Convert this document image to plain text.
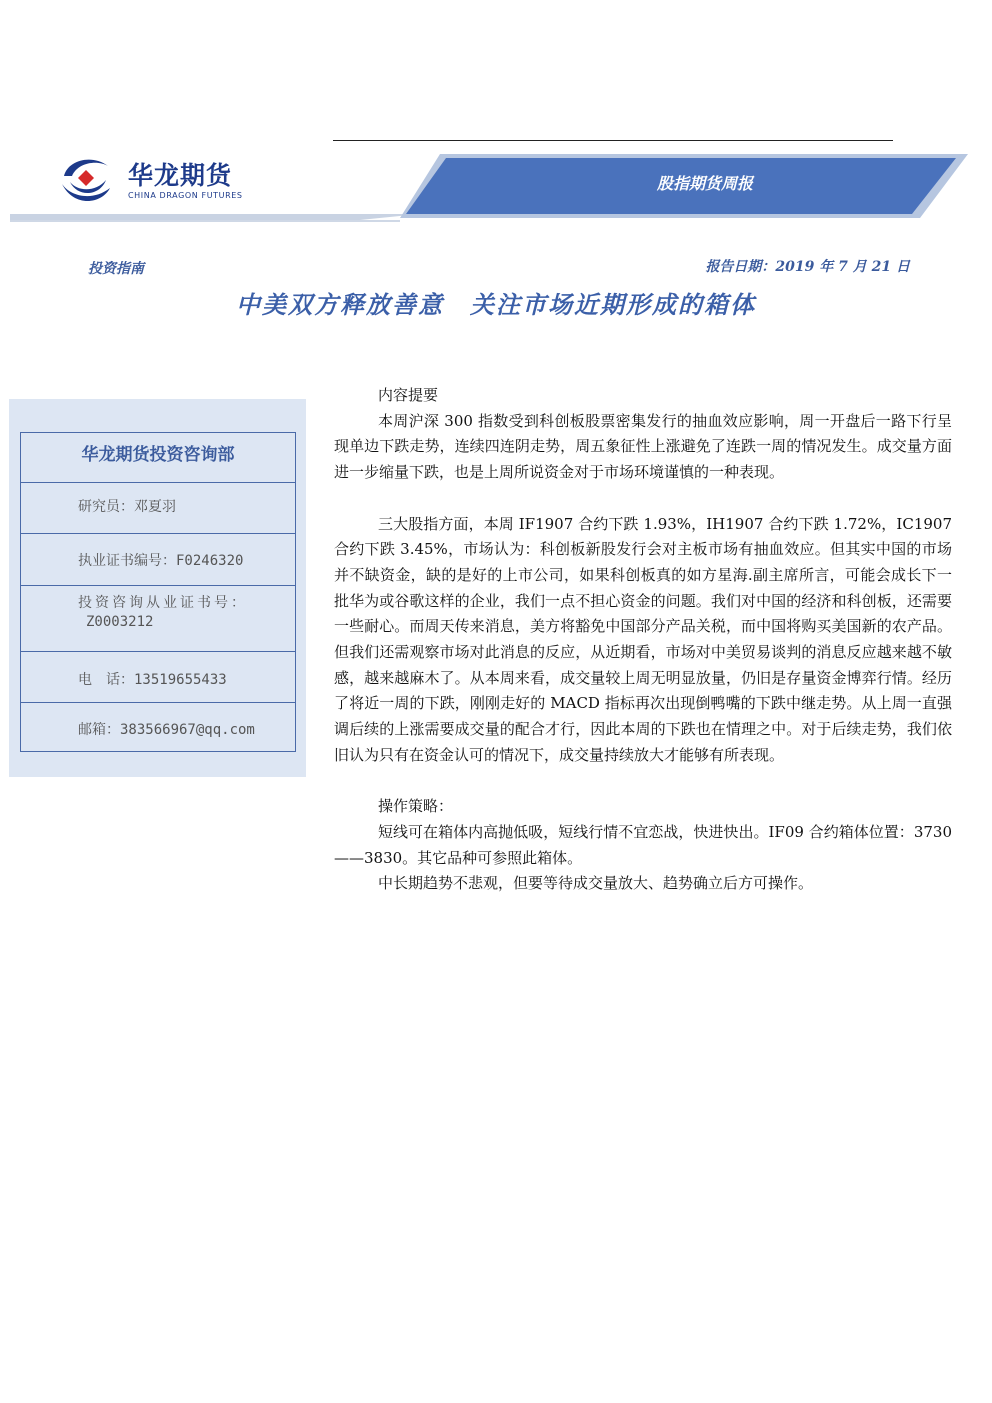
华龙期货
CHINA DRAGON FUTURES
股指期货周报
投资指南	报告日期：2019 年 7 月 21 日
中美双方释放善意　关注市场近期形成的箱体
华龙期货投资咨询部
研究员：邓夏羽
执业证书编号：F0246320
投资咨询从业证书号：
Z0003212
电　话：13519655433
邮箱：383566967@qq.com

内容提要

本周沪深 300 指数受到科创板股票密集发行的抽血效应影响，周一开盘后一路下行呈现单边下跌走势，连续四连阴走势，周五象征性上涨避免了连跌一周的情况发生。成交量方面进一步缩量下跌，也是上周所说资金对于市场环境谨慎的一种表现。

三大股指方面，本周 IF1907 合约下跌 1.93%，IH1907 合约下跌 1.72%，IC1907 合约下跌 3.45%，市场认为：科创板新股发行会对主板市场有抽血效应。但其实中国的市场并不缺资金，缺的是好的上市公司，如果科创板真的如方星海.副主席所言，可能会成长下一批华为或谷歌这样的企业，我们一点不担心资金的问题。我们对中国的经济和科创板，还需要一些耐心。而周天传来消息，美方将豁免中国部分产品关税，而中国将购买美国新的农产品。但我们还需观察市场对此消息的反应，从近期看，市场对中美贸易谈判的消息反应越来越不敏感，越来越麻木了。从本周来看，成交量较上周无明显放量，仍旧是存量资金博弈行情。经历了将近一周的下跌，刚刚走好的 MACD 指标再次出现倒鸭嘴的下跌中继走势。从上周一直强调后续的上涨需要成交量的配合才行，因此本周的下跌也在情理之中。对于后续走势，我们依旧认为只有在资金认可的情况下，成交量持续放大才能够有所表现。

操作策略：

短线可在箱体内高抛低吸，短线行情不宜恋战，快进快出。IF09 合约箱体位置：3730——3830。其它品种可参照此箱体。

中长期趋势不悲观，但要等待成交量放大、趋势确立后方可操作。
